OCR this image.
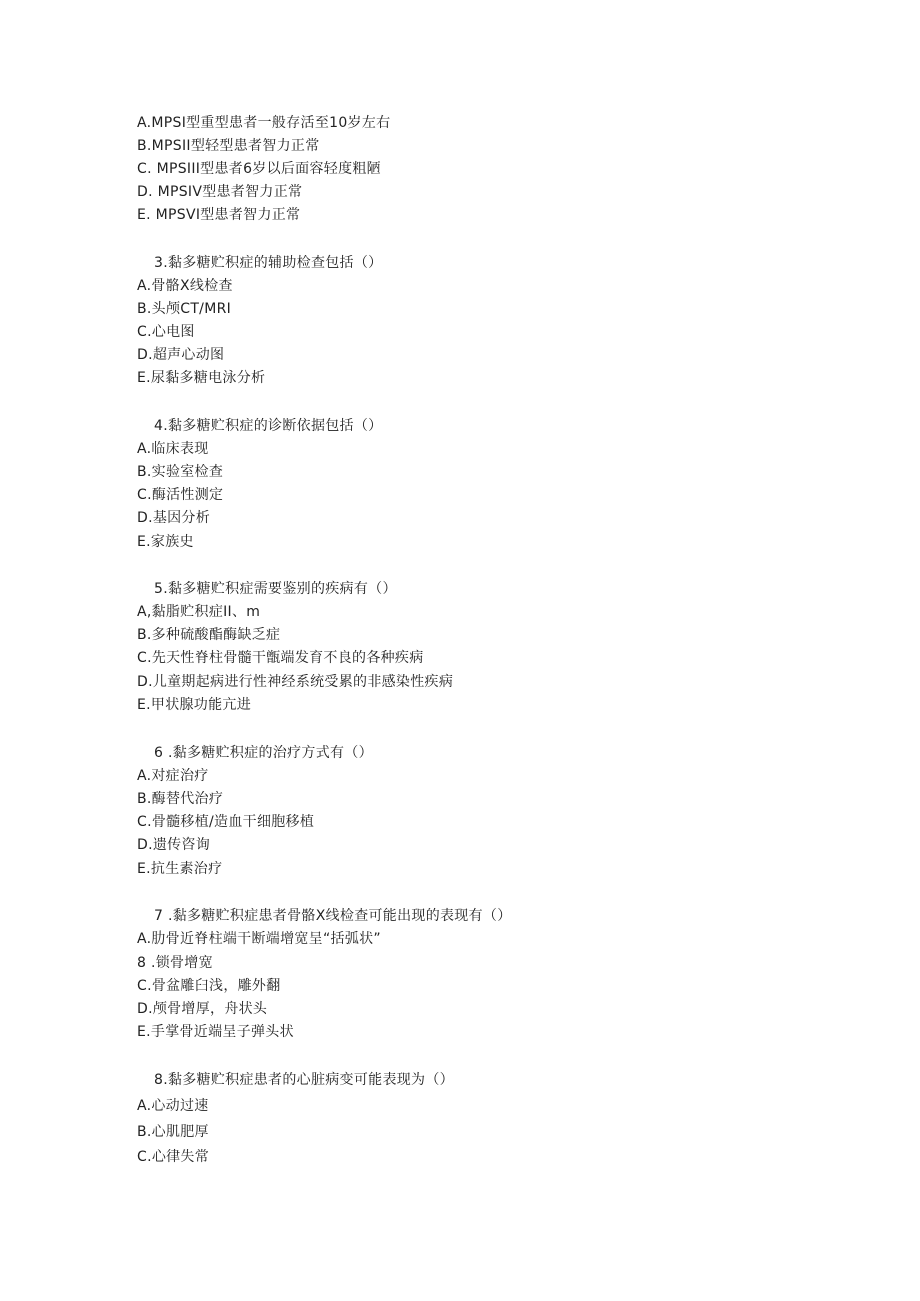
A.MPSI型重型患者一般存活至10岁左右
B.MPSII型轻型患者智力正常
C. MPSIII型患者6岁以后面容轻度粗陋
D. MPSIV型患者智力正常
E. MPSVI型患者智力正常
3.黏多糖贮积症的辅助检查包括（）
A.骨骼X线检查
B.头颅CT/MRI
C.心电图
D.超声心动图
E.尿黏多糖电泳分析
4.黏多糖贮积症的诊断依据包括（）
A.临床表现
B.实验室检查
C.酶活性测定
D.基因分析
E.家族史
5.黏多糖贮积症需要鉴别的疾病有（）
A,黏脂贮积症II、m
B.多种硫酸酯酶缺乏症
C.先天性脊柱骨髓干甑端发育不良的各种疾病
D.儿童期起病进行性神经系统受累的非感染性疾病
E.甲状腺功能亢进
6 .黏多糖贮积症的治疗方式有（）
A.对症治疗
B.酶替代治疗
C.骨髓移植/造血干细胞移植
D.遗传咨询
E.抗生素治疗
7 .黏多糖贮积症患者骨骼X线检查可能出现的表现有（）
A.肋骨近脊柱端干断端增宽呈“括弧状”
8 .锁骨增宽
C.骨盆雕臼浅，雕外翻
D.颅骨增厚，舟状头
E.手掌骨近端呈子弹头状
8.黏多糖贮积症患者的心脏病变可能表现为（）
A.心动过速
B.心肌肥厚
C.心律失常
